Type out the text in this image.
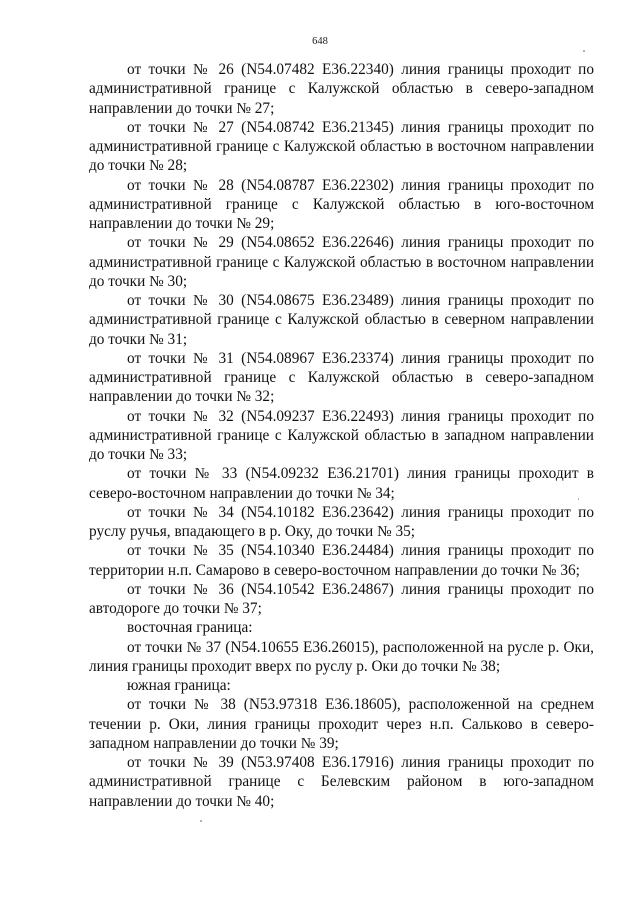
648

от точки № 26 (N54.07482 E36.22340) линия границы проходит по административной границе с Калужской областью в северо-западном направлении до точки № 27;

от точки № 27 (N54.08742 E36.21345) линия границы проходит по административной границе с Калужской областью в восточном направлении до точки № 28;

от точки № 28 (N54.08787 E36.22302) линия границы проходит по административной границе с Калужской областью в юго-восточном направлении до точки № 29;

от точки № 29 (N54.08652 E36.22646) линия границы проходит по административной границе с Калужской областью в восточном направлении до точки № 30;

от точки № 30 (N54.08675 E36.23489) линия границы проходит по административной границе с Калужской областью в северном направлении до точки № 31;

от точки № 31 (N54.08967 E36.23374) линия границы проходит по административной границе с Калужской областью в северо-западном направлении до точки № 32;

от точки № 32 (N54.09237 E36.22493) линия границы проходит по административной границе с Калужской областью в западном направлении до точки № 33;

от точки № 33 (N54.09232 E36.21701) линия границы проходит в северо-восточном направлении до точки № 34;

от точки № 34 (N54.10182 E36.23642) линия границы проходит по руслу ручья, впадающего в р. Оку, до точки № 35;

от точки № 35 (N54.10340 E36.24484) линия границы проходит по территории н.п. Самарово в северо-восточном направлении до точки № 36;

от точки № 36 (N54.10542 E36.24867) линия границы проходит по автодороге до точки № 37;

восточная граница:

от точки № 37 (N54.10655 E36.26015), расположенной на русле р. Оки, линия границы проходит вверх по руслу р. Оки до точки № 38;

южная граница:

от точки № 38 (N53.97318 E36.18605), расположенной на среднем течении р. Оки, линия границы проходит через н.п. Сальково в северо-западном направлении до точки № 39;

от точки № 39 (N53.97408 E36.17916) линия границы проходит по административной границе с Белевским районом в юго-западном направлении до точки № 40;
